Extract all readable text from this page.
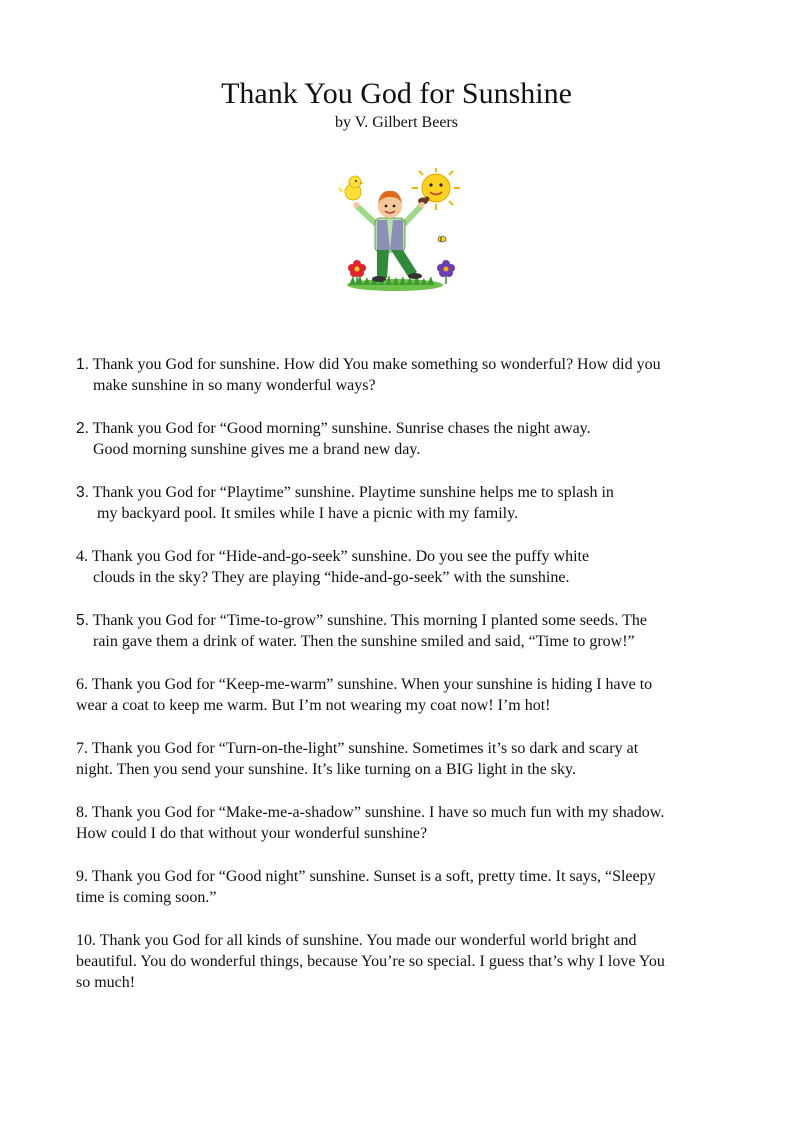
Thank You God for Sunshine
by V. Gilbert Beers

1. Thank you God for sunshine. How did You make something so wonderful? How did you
make sunshine in so many wonderful ways?

2. Thank you God for “Good morning” sunshine. Sunrise chases the night away.
Good morning sunshine gives me a brand new day.

3. Thank you God for “Playtime” sunshine. Playtime sunshine helps me to splash in
my backyard pool. It smiles while I have a picnic with my family.

4. Thank you God for “Hide-and-go-seek” sunshine. Do you see the puffy white
clouds in the sky? They are playing “hide-and-go-seek” with the sunshine.

5. Thank you God for “Time-to-grow” sunshine. This morning I planted some seeds. The
rain gave them a drink of water. Then the sunshine smiled and said, “Time to grow!”

6. Thank you God for “Keep-me-warm” sunshine. When your sunshine is hiding I have to
wear a coat to keep me warm. But I’m not wearing my coat now! I’m hot!

7. Thank you God for “Turn-on-the-light” sunshine. Sometimes it’s so dark and scary at
night. Then you send your sunshine. It’s like turning on a BIG light in the sky.

8. Thank you God for “Make-me-a-shadow” sunshine. I have so much fun with my shadow.
How could I do that without your wonderful sunshine?

9. Thank you God for “Good night” sunshine. Sunset is a soft, pretty time. It says, “Sleepy
time is coming soon.”

10. Thank you God for all kinds of sunshine. You made our wonderful world bright and
beautiful. You do wonderful things, because You’re so special. I guess that’s why I love You
so much!
